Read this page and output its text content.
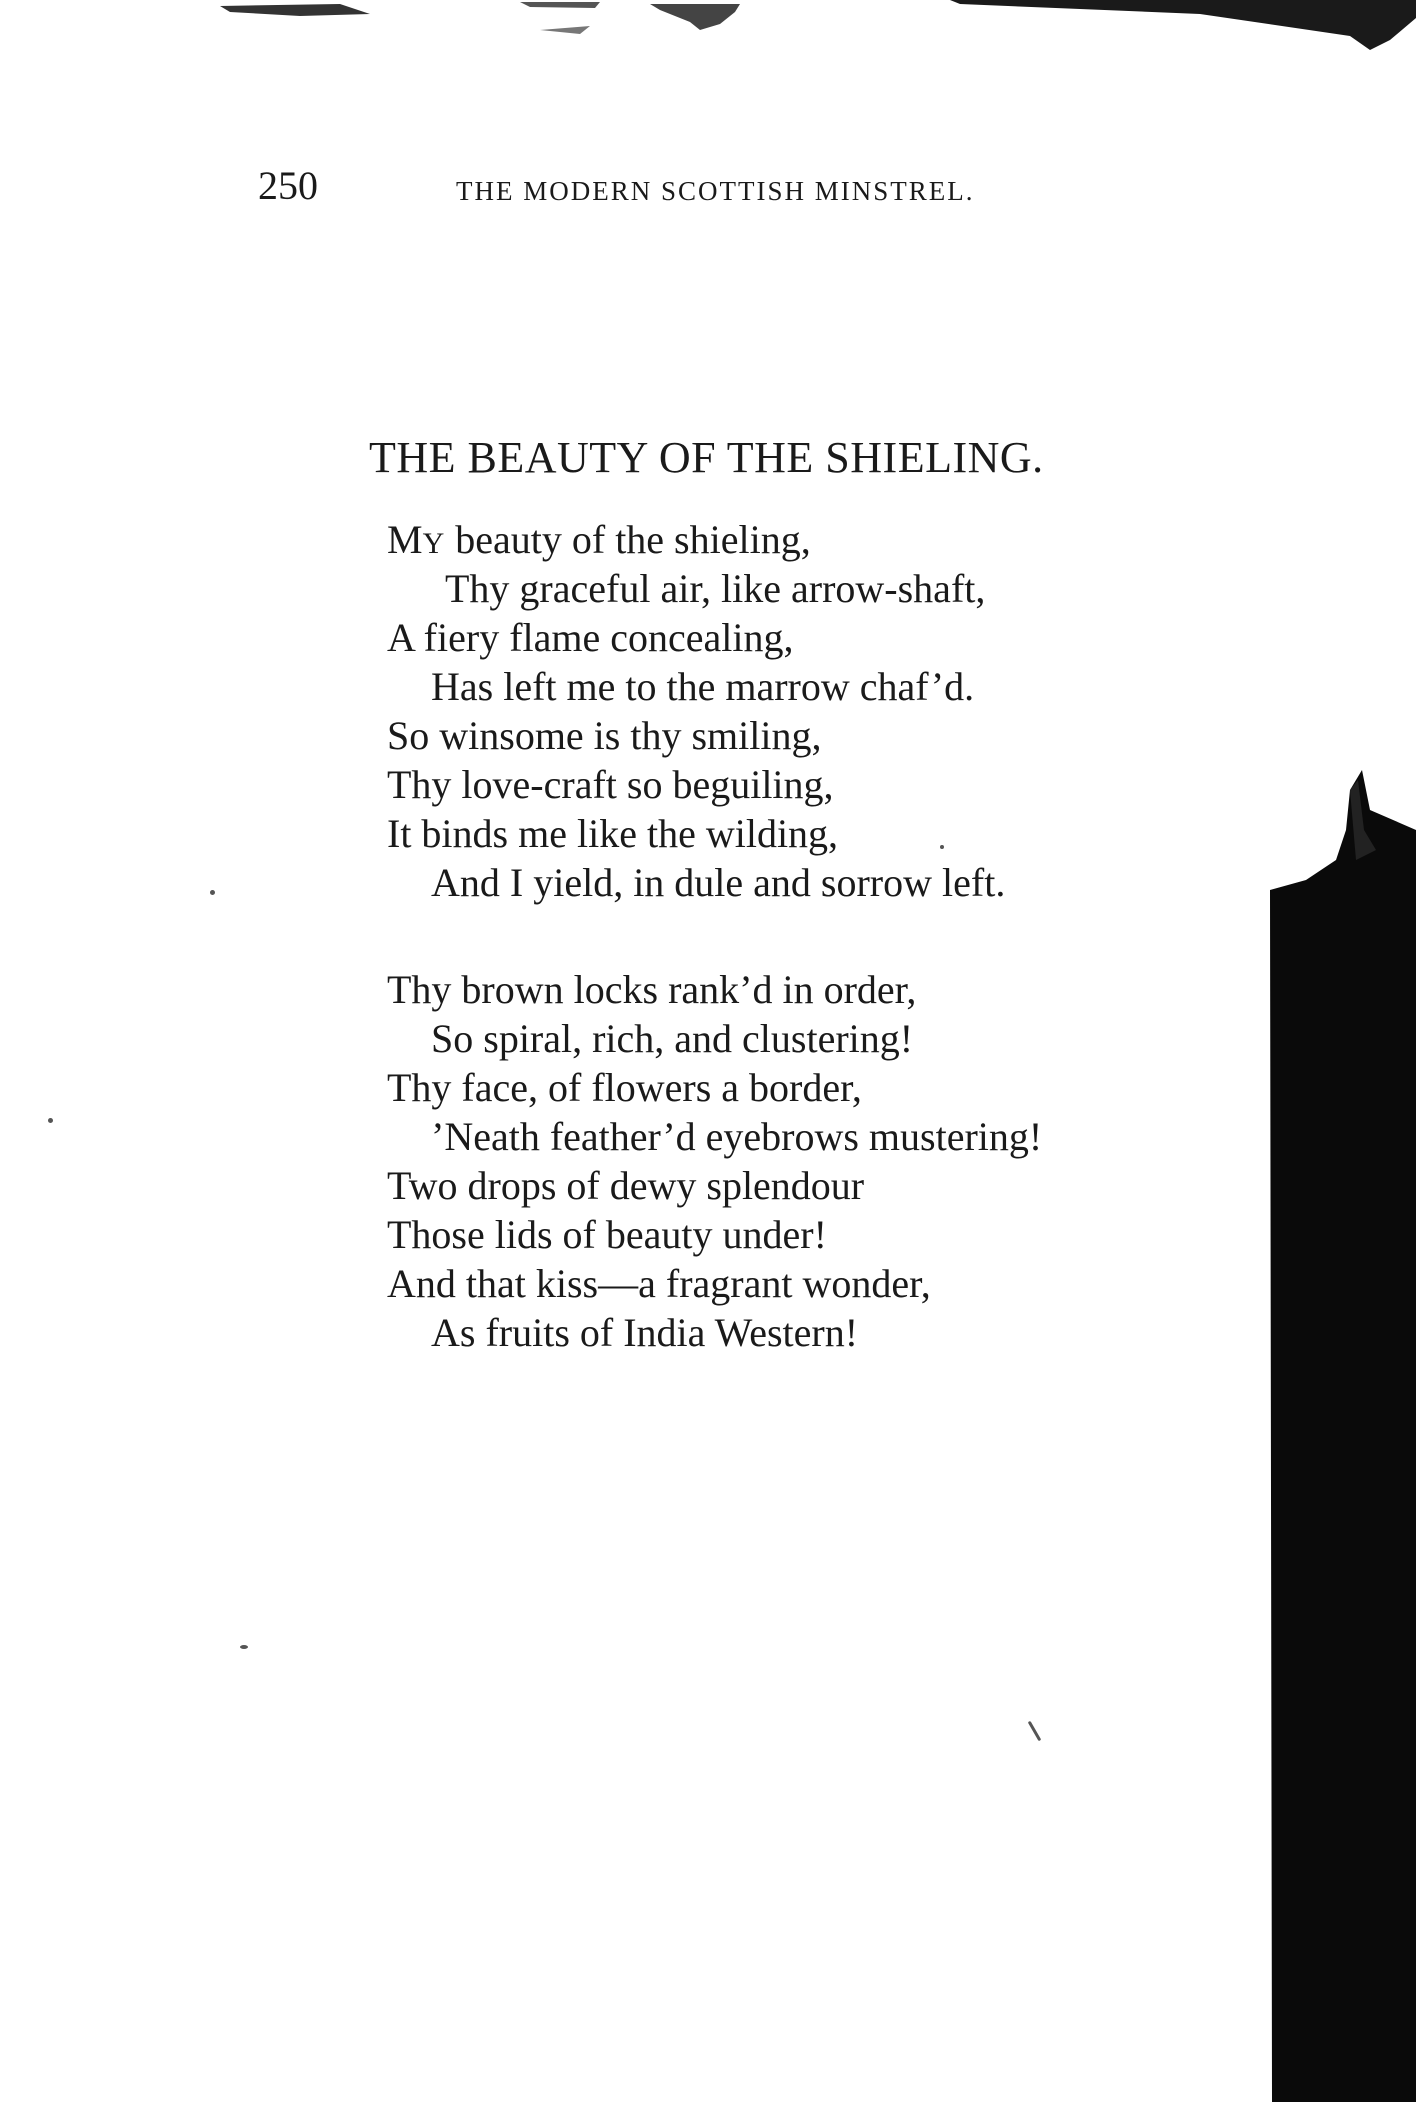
250	THE MODERN SCOTTISH MINSTREL.
THE BEAUTY OF THE SHIELING.
MY beauty of the shieling,
Thy graceful air, like arrow-shaft,
A fiery flame concealing,
Has left me to the marrow chaf’d.
So winsome is thy smiling,
Thy love-craft so beguiling,
It binds me like the wilding,
And I yield, in dule and sorrow left.
Thy brown locks rank’d in order,
So spiral, rich, and clustering!
Thy face, of flowers a border,
’Neath feather’d eyebrows mustering!
Two drops of dewy splendour
Those lids of beauty under!
And that kiss—a fragrant wonder,
As fruits of India Western!
